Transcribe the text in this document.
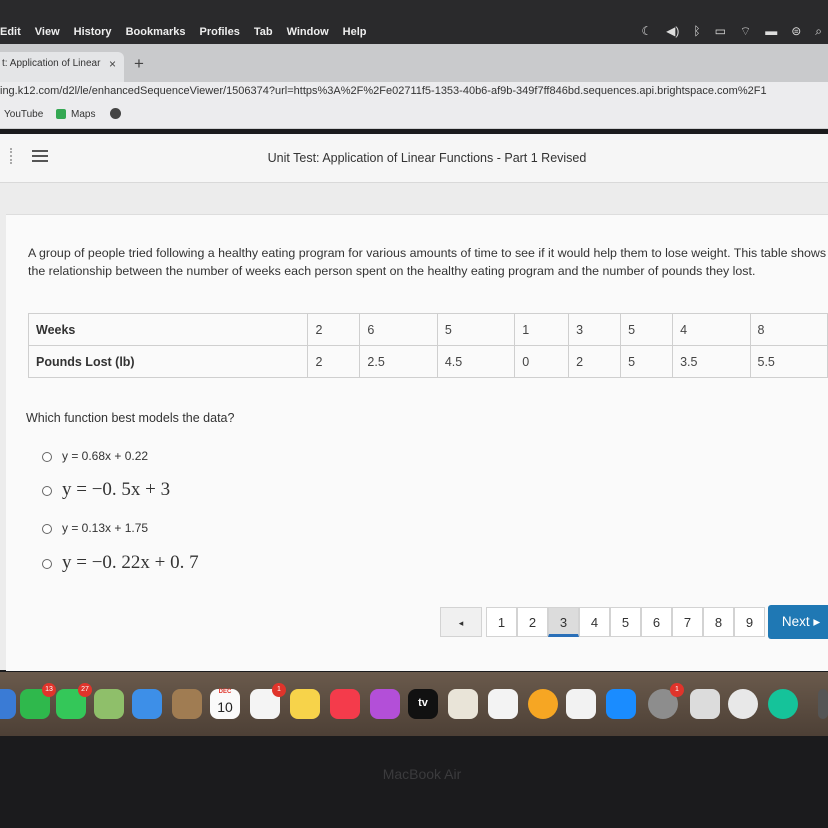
Edit View History Bookmarks Profiles Tab Window Help	☾ ◀) ᛒ ▭ ⌔ ▬ ⊜ ⌕
t: Application of Linear × +
ing.k12.com/d2l/le/enhancedSequenceViewer/1506374?url=https%3A%2F%2Fe02711f5-1353-40b6-af9b-349f7ff846bd.sequences.api.brightspace.com%2F1
YouTube	Maps
Unit Test: Application of Linear Functions - Part 1 Revised
A group of people tried following a healthy eating program for various amounts of time to see if it would help them to lose weight. This table shows the relationship between the number of weeks each person spent on the healthy eating program and the number of pounds they lost.
Weeks	2	6	5	1	3	5	4	8
Pounds Lost (lb)	2	2.5	4.5	0	2	5	3.5	5.5
Which function best models the data?
y = 0.68x + 0.22
y = −0. 5x + 3
y = 0.13x + 1.75
y = −0. 22x + 0. 7
◂	1	2	3	4	5	6	7	8	9	Next ▸
13	27	DEC
10
1
tv
1
MacBook Air
